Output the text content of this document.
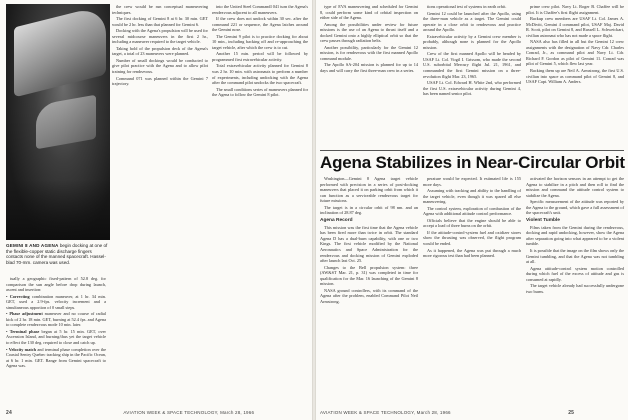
GEMINI 8 AND AGENA begin docking at one of the flexible-copper static discharge fingers contacts none of the manned spacecraft. Hassel-blad 70-mm. camera was used.

tually a geographic fixed-pattern of 52.8 deg. for comparison the sun angle before drop during launch, ascent and insertion:

• Correcting combination maneuver, at 1 hr. 34 min. GET, used a 2.9-fps. velocity increment and a simultaneous apportion of 0 small steps.

• Phase adjustment maneuver and no course of radial kick of 2 hr. 18 min. GET, burning at 52.4 fps. and Agena to complete rendezvous mode 10 min. later.

• Terminal phase began at 5 hr. 15 min. GET, over Ascension Island, and burning/thus yet the target vehicle to effect the 130 deg. required to close and catch up.

• Velocity match and terminal phase completion over the Coastal Sentry Quebec tracking ship in the Pacific Ocean, at 6 hr. 1 min. GET. Range from Gemini spacecraft to Agena was.

the crew would be run conceptual maneuvering techniques.

The first docking of Gemini 8 at 6 hr. 30 min. GET would be 2 hr. less than that planned for Gemini 6.

Docking with the Agena's propulsion will be used for several midcourse maneuvers in the first 2 hr., including a maneuver required to the target vehicle.

Taking hold of the propulsion deck of the Agena's target, a total of 23 maneuvers were planned.

Number of small dockings would be conducted to give pilot practice with the Agena and to allow pilot training for rendezvous.

Command 071 was planned within the Gemini 7 trajectory.

into the United Steel Commandl 041 turn the Agena's rendezvous adjacent to all maneuvers.

If the crew does not undock within 30 sec. after the command 221 or sequence, the Agena latches around the Gemini nose.

The Gemini 9 pilot is to practice docking for about 10 min., including backing off and re-approaching the target vehicle, after which the crew is to cut.

Another 15 min. period will be followed by programmed first extravehicular activity.

Total extravehicular activity planned for Gemini 8 was 2 hr. 10 min. with astronauts to perform a number of experiments, including undocking with the Agena after the command pilot undocks the two spacecraft.

The small conditions series of maneuvers planned for the Agena to follow the Gemini 8 pilot.

24	AVIATION WEEK & SPACE TECHNOLOGY, March 28, 1966

type of EVA maneuvering and scheduled for Gemini 8, could perform some kind of orbital inspection on either side of the Agena.

Among the possibilities under review for future missions is the use of an Agena to thrust itself and a docked Gemini onto a highly elliptical orbit so that the crew passes through radiation belts.

Another possibility, particularly for the Gemini 12 mission, is for rendezvous with the first manned Apollo command module.

The Apollo SA-204 mission is planned for up to 14 days and will carry the first three-man crew in a series.

tions operational test of systems in earth orbit.

Gemini 12 could be launched after the Apollo, using the three-man vehicle as a target. The Gemini could operate in a close orbit to rendezvous and practice around the Apollo.

Extravehicular activity by a Gemini crew member is probably, although none is planned for the Apollo mission.

Crew of the first manned Apollo will be headed by USAF Lt. Col. Virgil I. Grissom, who made the second U.S. suborbital Mercury flight Jul. 21, 1961, and commanded the first Gemini mission on a three-revolution flight Mar. 23, 1965.

USAF Lt. Col. Edward H. White 2nd, who performed the first U.S. extravehicular activity during Gemini 4, has been named senior pilot.

prime crew pilot. Navy Lt. Roger B. Chaffee will be pilot. It is Chaffee's first flight assignment.

Backup crew members are USAF Lt. Col. James A. McDivitt, Gemini 4 command pilot, USAF Maj. David R. Scott, pilot on Gemini 8, and Russell L. Schweickart, civilian astronaut who has not made a space flight.

NASA also has filled in all but the Gemini 12 crew assignments with the designation of Navy Cdr. Charles Conrad, Jr., as command pilot and Navy Lt. Cdr. Richard F. Gordon as pilot of Gemini 11. Conrad was pilot of Gemini 5, which flew last year.

Backing them up are Neil A. Armstrong, the first U.S. civilian into space as command pilot of Gemini 8, and USAF Capt. William A. Anders.

Agena Stabilizes in Near-Circular Orbit

Washington—Gemini 8 Agena target vehicle performed with precision in a series of post-docking maneuvers that placed it on parking orbit from which it can function as a serviceable rendezvous target for future missions.

The target is in a circular orbit of 98 nm. and an inclination of 28.87 deg.

Agena Record

This mission was the first time that the Agena vehicle has been fired more than twice in orbit. The standard Agena D has a dual-burn capability, with one or two Kings. The first vehicle modified by the National Aeronautics and Space Administration for the rendezvous and docking mission of Gemini exploded after launch last Oct. 25.

Changes to the Bell propulsion system: three (AW&ST Mar. 21, p. 31) was completed in time for qualification for the Mar. 16 launching of the Gemini 8 mission.

NASA ground controllers, with its command of the Agena after the problem, enabled Command Pilot Neil Armstrong.

perature would be expected. It estimated life is 155 more days.

Assuming with tracking and ability to the handling of the target vehicle, even though it was spared all else maneuvering.

The control system, exploration of combustion of the Agena with additional attitude control performance.

Officials believe that the engine should be able to accept a load of three burns on the orbit.

If the attitude-control-system fuel and oxidizer stores show the thrusting was observed, the flight program would be ended.

As it happened, the Agena was put through a much more rigorous test than had been planned.

activated the horizon sensors in an attempt to get the Agena to stabilize in a pitch and then roll to find the mission and command the attitude control system to stabilize the Agena.

Specific measurement of the attitude was reported by the Agena to the ground, which gave a full assessment of the spacecraft's unit.

Violent Tumble

Films taken from the Gemini during the rendezvous, docking and rapid undocking, however, show the Agena after separation going into what appeared to be a violent tumble.

It is possible that the image on the film shows only the Gemini tumbling, and that the Agena was not tumbling at all.

Agena attitude-control system motion controlled during which fuel of the excess of attitude and gas is consumed at rapidly.

The target vehicle already had successfully undergone two burns.

AVIATION WEEK & SPACE TECHNOLOGY, March 28, 1966	25
